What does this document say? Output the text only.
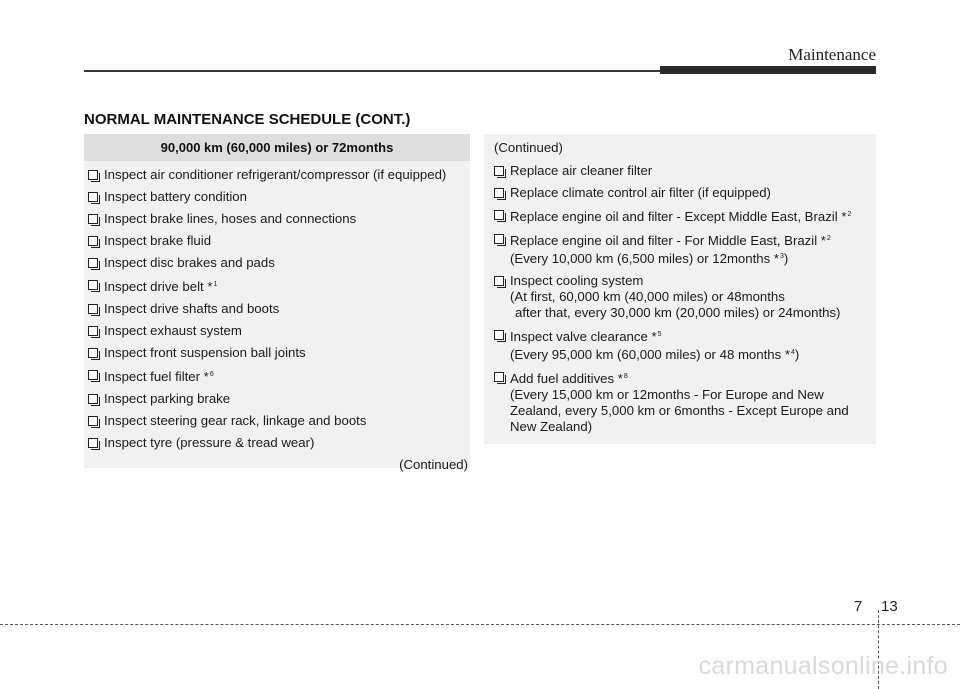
Maintenance
NORMAL MAINTENANCE SCHEDULE (CONT.)
90,000 km (60,000 miles) or 72months
Inspect air conditioner refrigerant/compressor (if equipped)
Inspect battery condition
Inspect brake lines, hoses and connections
Inspect brake fluid
Inspect disc brakes and pads
Inspect drive belt *$^1$
Inspect drive shafts and boots
Inspect exhaust system
Inspect front suspension ball joints
Inspect fuel filter *$^6$
Inspect parking brake
Inspect steering gear rack, linkage and boots
Inspect tyre (pressure & tread wear)
(Continued)
(Continued)
Replace air cleaner filter
Replace climate control air filter (if equipped)
Replace engine oil and filter - Except Middle East, Brazil *$^2$
Replace engine oil and filter - For Middle East, Brazil *$^2$
(Every 10,000 km (6,500 miles) or 12months *$^3$)
Inspect cooling system
(At first, 60,000 km (40,000 miles) or 48months
after that, every 30,000 km (20,000 miles) or 24months)
Inspect valve clearance *$^5$
(Every 95,000 km (60,000 miles) or 48 months *$^4$)
Add fuel additives *$^8$
(Every 15,000 km or 12months - For Europe and New
Zealand, every 5,000 km or 6months - Except Europe and
New Zealand)
7 13
carmanualsonline.info
